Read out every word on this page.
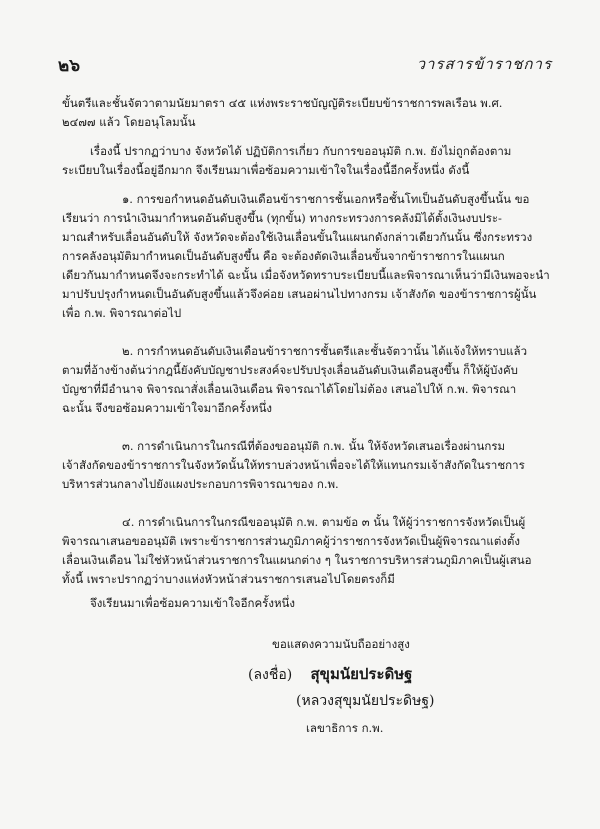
๒๖	วารสารข้าราชการ
ขั้นตรีและชั้นจัตวาตามนัยมาตรา ๔๕ แห่งพระราชบัญญัติระเบียบข้าราชการพลเรือน พ.ศ.
๒๔๗๗ แล้ว โดยอนุโลมนั้น
เรื่องนี้ ปรากฏว่าบาง จังหวัดได้ ปฏิบัติการเกี่ยว กับการขออนุมัติ ก.พ. ยังไม่ถูกต้องตาม
ระเบียบในเรื่องนี้อยู่อีกมาก จึงเรียนมาเพื่อซ้อมความเข้าใจในเรื่องนี้อีกครั้งหนึ่ง ดังนี้
๑. การขอกำหนดอันดับเงินเดือนข้าราชการชั้นเอกหรือชั้นโทเป็นอันดับสูงขึ้นนั้น ขอ
เรียนว่า การนำเงินมากำหนดอันดับสูงขึ้น (ทุกขั้น) ทางกระทรวงการคลังมิได้ตั้งเงินงบประ-
มาณสำหรับเลื่อนอันดับให้ จังหวัดจะต้องใช้เงินเลื่อนขั้นในแผนกดังกล่าวเดียวกันนั้น ซึ่งกระทรวง
การคลังอนุมัติมากำหนดเป็นอันดับสูงขึ้น คือ จะต้องตัดเงินเลื่อนขั้นจากข้าราชการในแผนก
เดียวกันมากำหนดจึงจะกระทำได้ ฉะนั้น เมื่อจังหวัดทราบระเบียบนี้และพิจารณาเห็นว่ามีเงินพอจะนำ
มาปรับปรุงกำหนดเป็นอันดับสูงขึ้นแล้วจึงค่อย เสนอผ่านไปทางกรม เจ้าสังกัด ของข้าราชการผู้นั้น
เพื่อ ก.พ. พิจารณาต่อไป
๒. การกำหนดอันดับเงินเดือนข้าราชการชั้นตรีและชั้นจัตวานั้น ได้แจ้งให้ทราบแล้ว
ตามที่อ้างข้างต้นว่ากฎนี้ยังคับบัญชาประสงค์จะปรับปรุงเลื่อนอันดับเงินเดือนสูงขึ้น ก็ให้ผู้บังคับ
บัญชาที่มีอำนาจ พิจารณาสั่งเลื่อนเงินเดือน พิจารณาได้โดยไม่ต้อง เสนอไปให้ ก.พ. พิจารณา
ฉะนั้น จึงขอซ้อมความเข้าใจมาอีกครั้งหนึ่ง
๓. การดำเนินการในกรณีที่ต้องขออนุมัติ ก.พ. นั้น ให้จังหวัดเสนอเรื่องผ่านกรม
เจ้าสังกัดของข้าราชการในจังหวัดนั้นให้ทราบล่วงหน้าเพื่อจะได้ให้แทนกรมเจ้าสังกัดในราชการ
บริหารส่วนกลางไปยังแผงประกอบการพิจารณาของ ก.พ.
๔. การดำเนินการในกรณีขออนุมัติ ก.พ. ตามข้อ ๓ นั้น ให้ผู้ว่าราชการจังหวัดเป็นผู้
พิจารณาเสนอขออนุมัติ เพราะข้าราชการส่วนภูมิภาคผู้ว่าราชการจังหวัดเป็นผู้พิจารณาแต่งตั้ง
เลื่อนเงินเดือน ไม่ใช่หัวหน้าส่วนราชการในแผนกต่าง ๆ ในราชการบริหารส่วนภูมิภาคเป็นผู้เสนอ
ทั้งนี้ เพราะปรากฏว่าบางแห่งหัวหน้าส่วนราชการเสนอไปโดยตรงก็มี
จึงเรียนมาเพื่อซ้อมความเข้าใจอีกครั้งหนึ่ง
ขอแสดงความนับถืออย่างสูง
(ลงชื่อ) สุขุมนัยประดิษฐ
(หลวงสุขุมนัยประดิษฐ)
เลขาธิการ ก.พ.
